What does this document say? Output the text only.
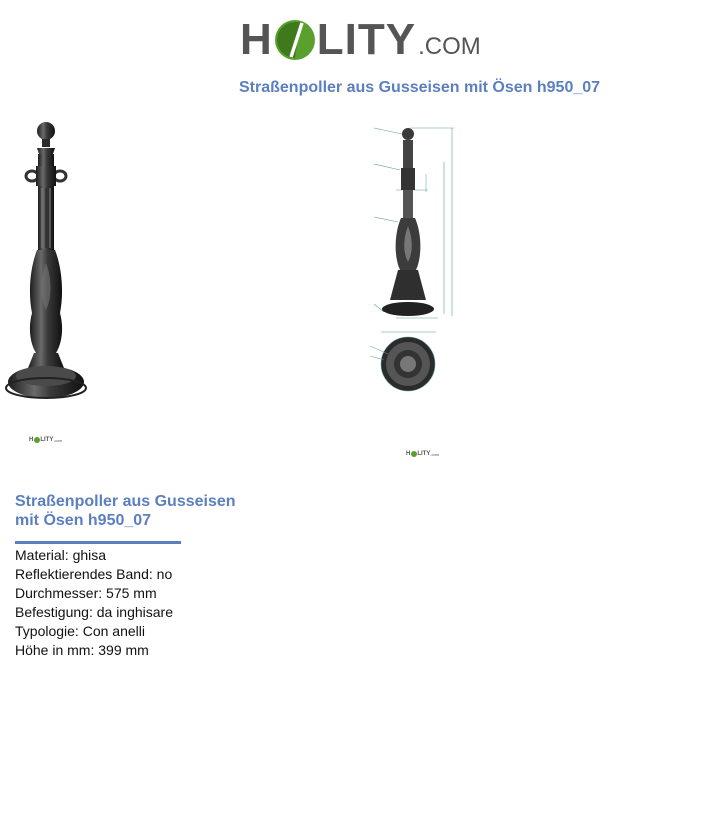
H LITY .COM
Straßenpoller aus Gusseisen mit Ösen h950_07
H LITY .com
H LITY .com
Straßenpoller aus Gusseisen mit Ösen h950_07
Material: ghisa
Reflektierendes Band: no
Durchmesser: 575 mm
Befestigung: da inghisare
Typologie: Con anelli
Höhe in mm: 399 mm
